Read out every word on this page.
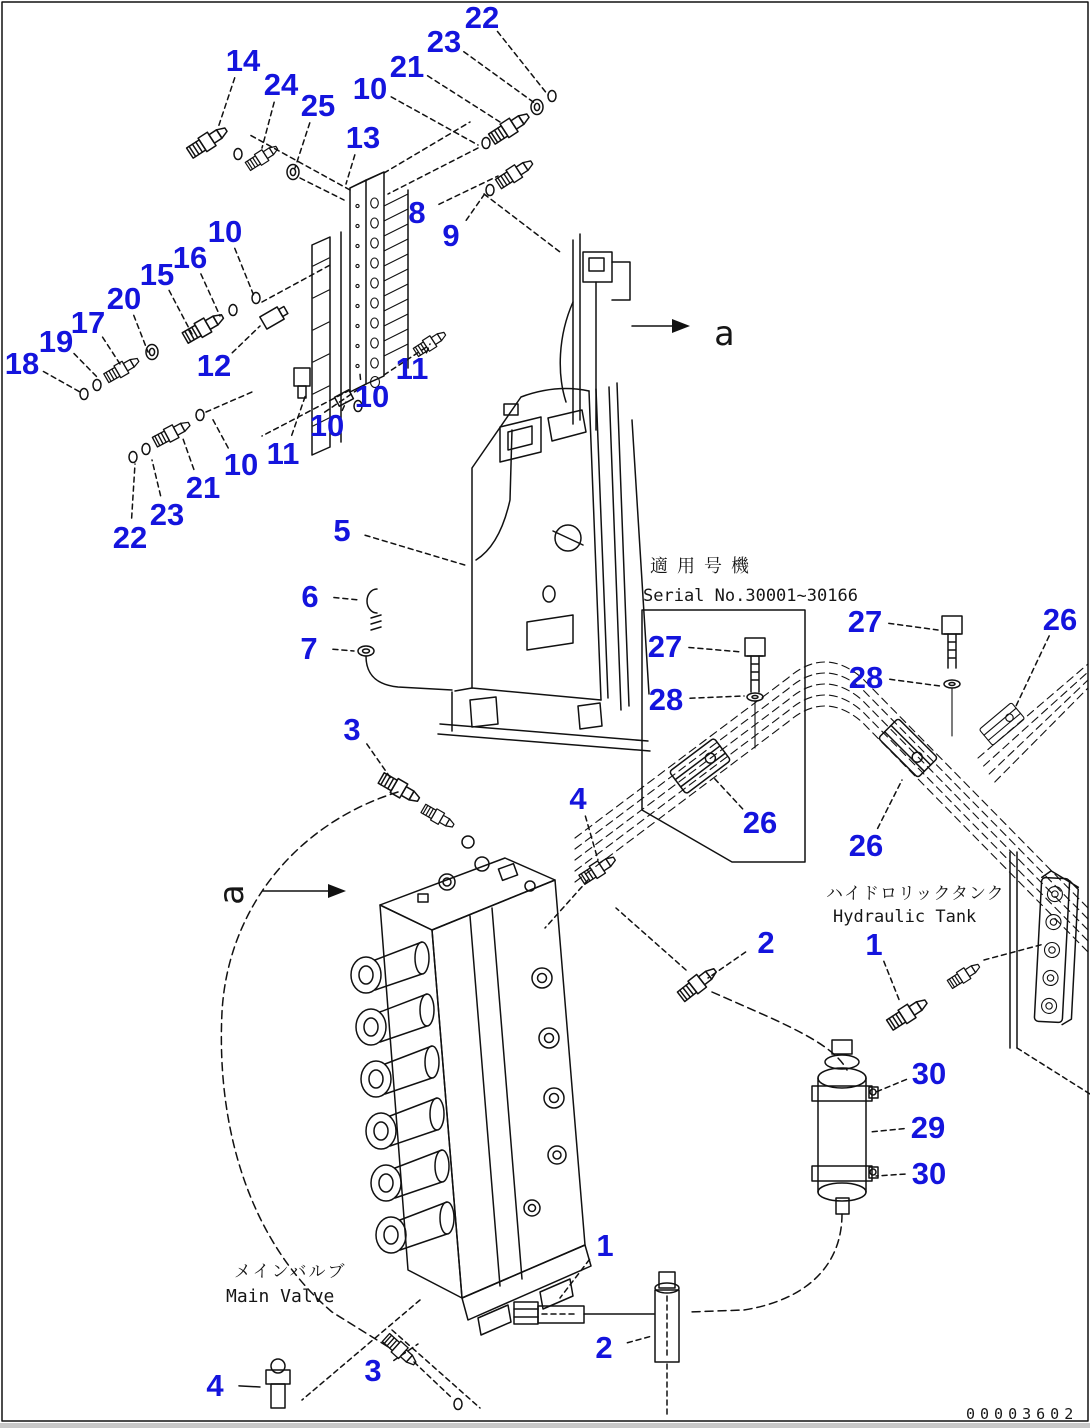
22
23
21
10
14
24
25
13
8
9
10
16
15
20
17
19
18	12	11
10
10
11
10
21
23
22	5
6
7
3
4
27
28
26
27
28
26
26
2	1
30
29
30
1
2
3
4
a
a
適用号機
Serial No.30001~30166
ハイドロリックタンク
Hydraulic Tank
メインバルブ
Main Valve
00003602
